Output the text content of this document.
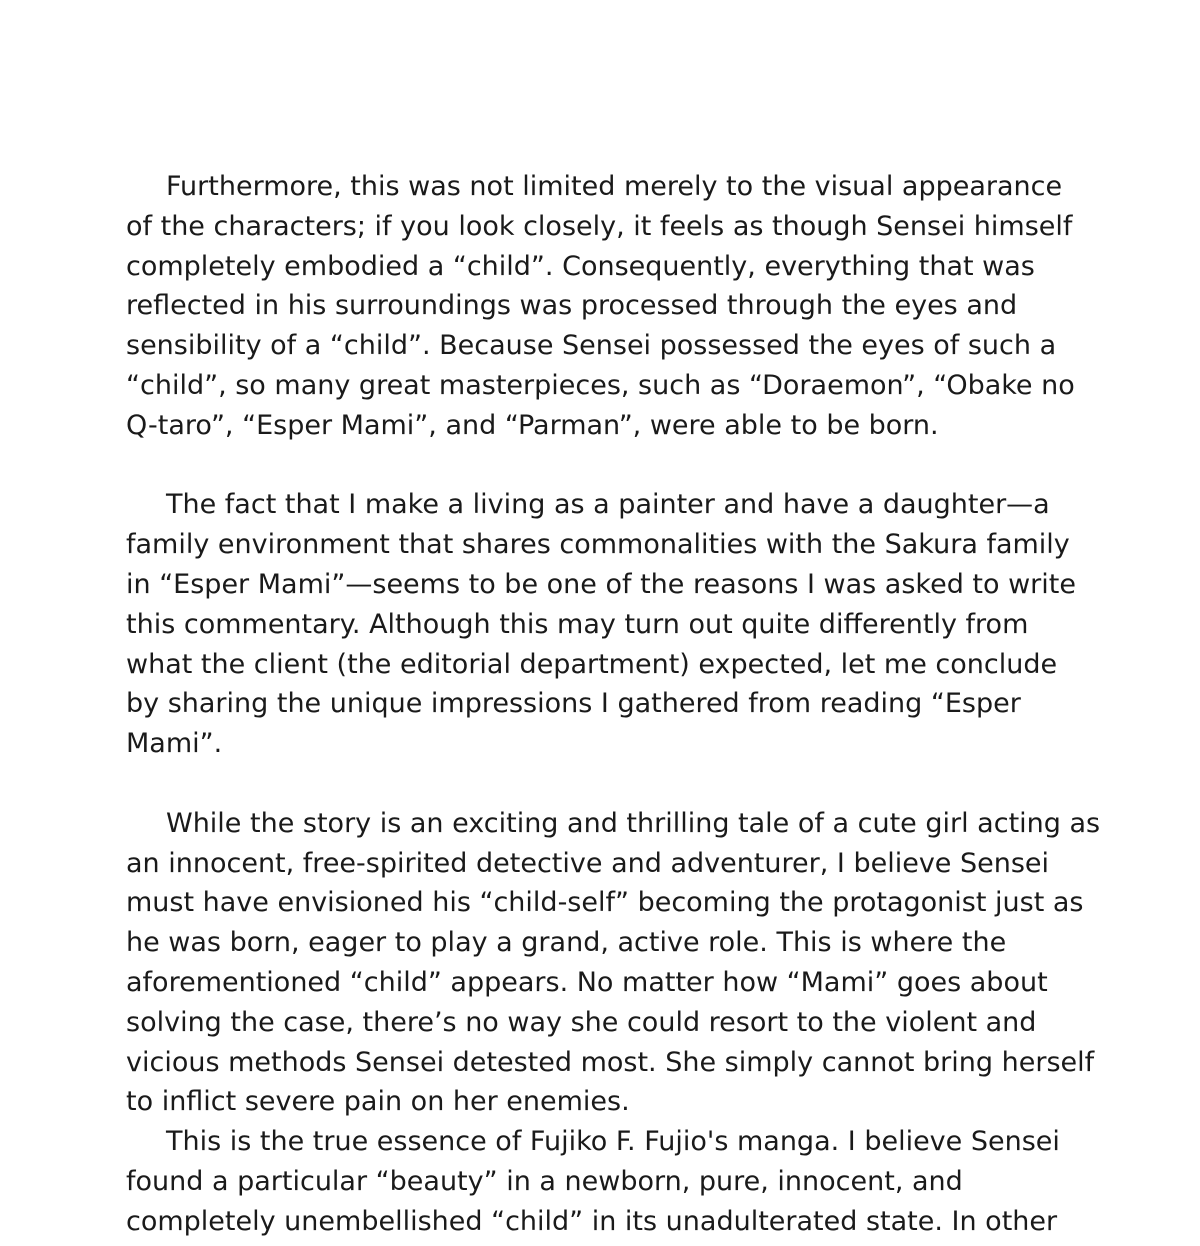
Furthermore, this was not limited merely to the visual appearance
of the characters; if you look closely, it feels as though Sensei himself
completely embodied a “child”. Consequently, everything that was
reflected in his surroundings was processed through the eyes and
sensibility of a “child”. Because Sensei possessed the eyes of such a
“child”, so many great masterpieces, such as “Doraemon”, “Obake no
Q-taro”, “Esper Mami”, and “Parman”, were able to be born.

The fact that I make a living as a painter and have a daughter—a
family environment that shares commonalities with the Sakura family
in “Esper Mami”—seems to be one of the reasons I was asked to write
this commentary. Although this may turn out quite differently from
what the client (the editorial department) expected, let me conclude
by sharing the unique impressions I gathered from reading “Esper
Mami”.

While the story is an exciting and thrilling tale of a cute girl acting as
an innocent, free-spirited detective and adventurer, I believe Sensei
must have envisioned his “child-self” becoming the protagonist just as
he was born, eager to play a grand, active role. This is where the
aforementioned “child” appears. No matter how “Mami” goes about
solving the case, there’s no way she could resort to the violent and
vicious methods Sensei detested most. She simply cannot bring herself
to inflict severe pain on her enemies.

This is the true essence of Fujiko F. Fujio's manga. I believe Sensei
found a particular “beauty” in a newborn, pure, innocent, and
completely unembellished “child” in its unadulterated state. In other
